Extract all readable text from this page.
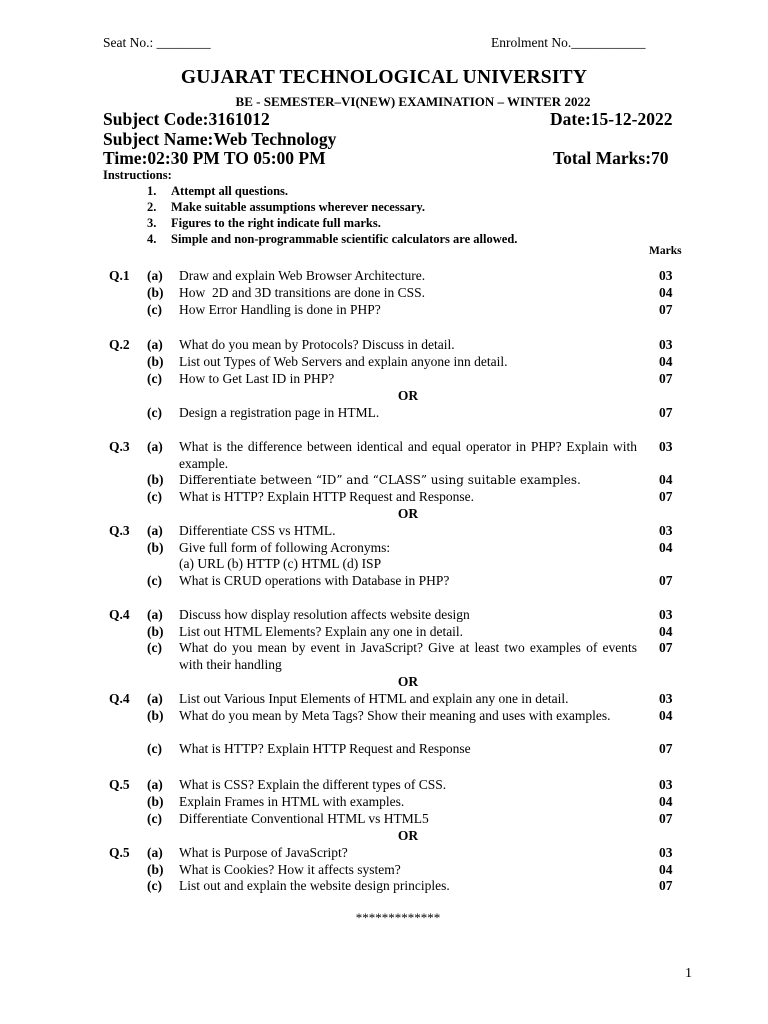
Seat No.: ________	Enrolment No.___________
GUJARAT TECHNOLOGICAL UNIVERSITY
BE - SEMESTER–VI(NEW) EXAMINATION – WINTER 2022
Subject Code:3161012	Date:15-12-2022
Subject Name:Web Technology
Time:02:30 PM TO 05:00 PM	Total Marks:70
Instructions:
1. Attempt all questions.
2. Make suitable assumptions wherever necessary.
3. Figures to the right indicate full marks.
4. Simple and non-programmable scientific calculators are allowed.
Marks
Q.1 (a) Draw and explain Web Browser Architecture.	03
(b) How  2D and 3D transitions are done in CSS.	04
(c) How Error Handling is done in PHP?	07
Q.2 (a) What do you mean by Protocols? Discuss in detail.	03
(b) List out Types of Web Servers and explain anyone inn detail.	04
(c) How to Get Last ID in PHP?	07
OR
(c) Design a registration page in HTML.	07
Q.3 (a) What is the difference between identical and equal operator in PHP? Explain with example.
03
(b) Differentiate between “ID” and “CLASS” using suitable examples.	04
(c) What is HTTP? Explain HTTP Request and Response.	07
OR
Q.3 (a) Differentiate CSS vs HTML.	03
(b) Give full form of following Acronyms:	04
(a) URL (b) HTTP (c) HTML (d) ISP
(c) What is CRUD operations with Database in PHP?	07
Q.4 (a) Discuss how display resolution affects website design	03
(b) List out HTML Elements? Explain any one in detail.	04
(c) What do you mean by event in JavaScript? Give at least two examples of events with their handling
07
OR
Q.4 (a) List out Various Input Elements of HTML and explain any one in detail.	03
(b) What do you mean by Meta Tags? Show their meaning and uses with examples.	04
(c) What is HTTP? Explain HTTP Request and Response	07
Q.5 (a) What is CSS? Explain the different types of CSS.	03
(b) Explain Frames in HTML with examples.	04
(c) Differentiate Conventional HTML vs HTML5	07
OR
Q.5 (a) What is Purpose of JavaScript?	03
(b) What is Cookies? How it affects system?	04
(c) List out and explain the website design principles.	07
*************
1
